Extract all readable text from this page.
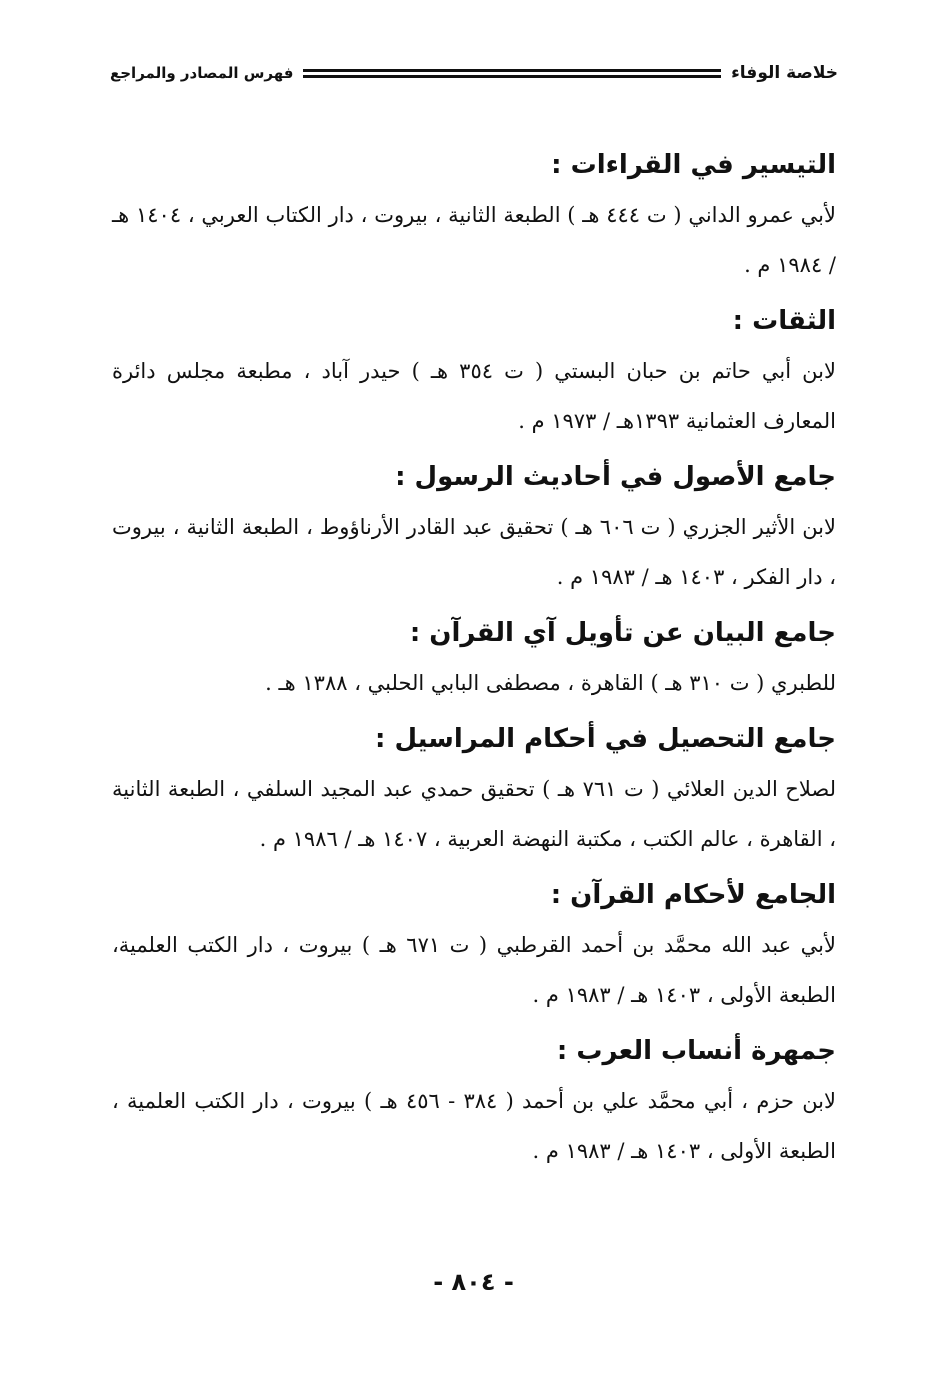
خلاصة الوفاء
فهرس المصادر والمراجع

التيسير في القراءات :

لأبي عمرو الداني ( ت ٤٤٤ هـ ) الطبعة الثانية ، بيروت ، دار الكتاب العربي ، ١٤٠٤ هـ / ١٩٨٤ م .

الثقات :

لابن أبي حاتم بن حبان البستي ( ت ٣٥٤ هـ ) حيدر آباد ، مطبعة مجلس دائرة المعارف العثمانية ١٣٩٣هـ / ١٩٧٣ م .

جامع الأصول في أحاديث الرسول :

لابن الأثير الجزري ( ت ٦٠٦ هـ ) تحقيق عبد القادر الأرناؤوط ، الطبعة الثانية ، بيروت ، دار الفكر ، ١٤٠٣ هـ / ١٩٨٣ م .

جامع البيان عن تأويل آي القرآن :

للطبري ( ت ٣١٠ هـ ) القاهرة ، مصطفى البابي الحلبي ، ١٣٨٨ هـ .

جامع التحصيل في أحكام المراسيل :

لصلاح الدين العلائي ( ت ٧٦١ هـ ) تحقيق حمدي عبد المجيد السلفي ، الطبعة الثانية ، القاهرة ، عالم الكتب ، مكتبة النهضة العربية ، ١٤٠٧ هـ / ١٩٨٦ م .

الجامع لأحكام القرآن :

لأبي عبد الله محمَّد بن أحمد القرطبي ( ت ٦٧١ هـ ) بيروت ، دار الكتب العلمية، الطبعة الأولى ، ١٤٠٣ هـ / ١٩٨٣ م .

جمهرة أنساب العرب :

لابن حزم ، أبي محمَّد علي بن أحمد ( ٣٨٤ - ٤٥٦ هـ ) بيروت ، دار الكتب العلمية ، الطبعة الأولى ، ١٤٠٣ هـ / ١٩٨٣ م .

- ٨٠٤ -
